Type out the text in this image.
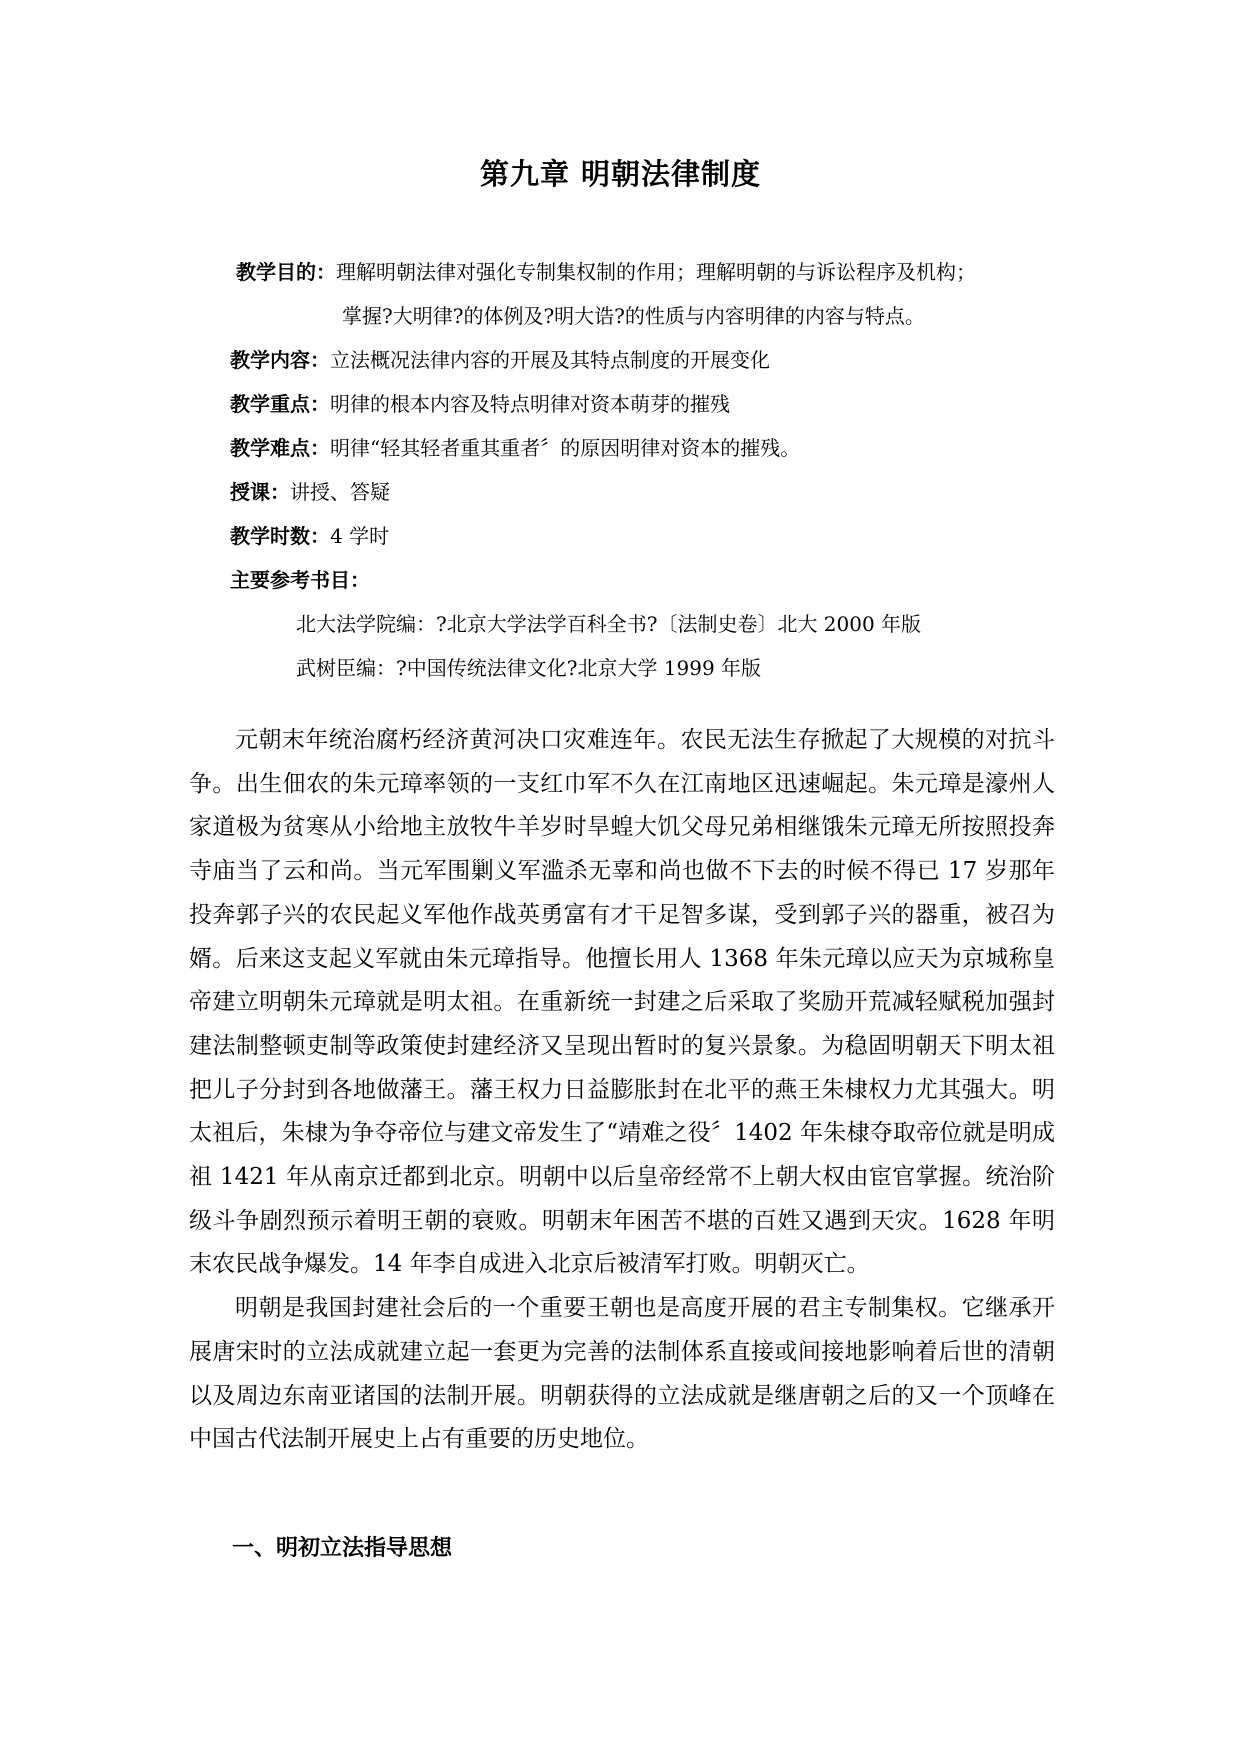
第九章 明朝法律制度
教学目的：理解明朝法律对强化专制集权制的作用；理解明朝的与诉讼程序及机构；
掌握?大明律?的体例及?明大诰?的性质与内容明律的内容与特点。
教学内容：立法概况法律内容的开展及其特点制度的开展变化
教学重点：明律的根本内容及特点明律对资本萌芽的摧残
教学难点：明律“轻其轻者重其重者〞的原因明律对资本的摧残。
授课：讲授、答疑
教学时数：4 学时
主要参考书目：
北大法学院编：?北京大学法学百科全书?〔法制史卷〕北大 2000 年版
武树臣编：?中国传统法律文化?北京大学 1999 年版

元朝末年统治腐朽经济黄河决口灾难连年。农民无法生存掀起了大规模的对抗斗争。出生佃农的朱元璋率领的一支红巾军不久在江南地区迅速崛起。朱元璋是濠州人家道极为贫寒从小给地主放牧牛羊岁时旱蝗大饥父母兄弟相继饿朱元璋无所按照投奔寺庙当了云和尚。当元军围剿义军滥杀无辜和尚也做不下去的时候不得已 17 岁那年投奔郭子兴的农民起义军他作战英勇富有才干足智多谋，受到郭子兴的器重，被召为婿。后来这支起义军就由朱元璋指导。他擅长用人 1368 年朱元璋以应天为京城称皇帝建立明朝朱元璋就是明太祖。在重新统一封建之后采取了奖励开荒减轻赋税加强封建法制整顿吏制等政策使封建经济又呈现出暂时的复兴景象。为稳固明朝天下明太祖把儿子分封到各地做藩王。藩王权力日益膨胀封在北平的燕王朱棣权力尤其强大。明太祖后，朱棣为争夺帝位与建文帝发生了“靖难之役〞1402 年朱棣夺取帝位就是明成祖 1421 年从南京迁都到北京。明朝中以后皇帝经常不上朝大权由宦官掌握。统治阶级斗争剧烈预示着明王朝的衰败。明朝末年困苦不堪的百姓又遇到天灾。1628 年明末农民战争爆发。14 年李自成进入北京后被清军打败。明朝灭亡。

明朝是我国封建社会后的一个重要王朝也是高度开展的君主专制集权。它继承开展唐宋时的立法成就建立起一套更为完善的法制体系直接或间接地影响着后世的清朝以及周边东南亚诸国的法制开展。明朝获得的立法成就是继唐朝之后的又一个顶峰在中国古代法制开展史上占有重要的历史地位。

一、明初立法指导思想
